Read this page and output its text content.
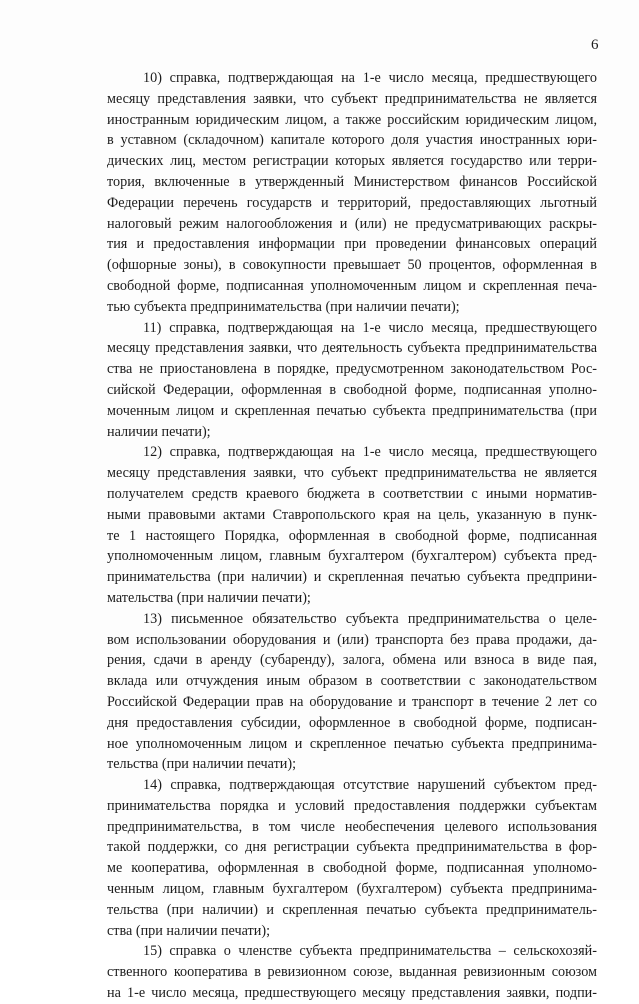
6
10) справка, подтверждающая на 1-е число месяца, предшествующего
месяцу представления заявки, что субъект предпринимательства не является
иностранным юридическим лицом, а также российским юридическим лицом,
в уставном (складочном) капитале которого доля участия иностранных юри-
дических лиц, местом регистрации которых является государство или терри-
тория, включенные в утвержденный Министерством финансов Российской
Федерации перечень государств и территорий, предоставляющих льготный
налоговый режим налогообложения и (или) не предусматривающих раскры-
тия и предоставления информации при проведении финансовых операций
(офшорные зоны), в совокупности превышает 50 процентов, оформленная в
свободной форме, подписанная уполномоченным лицом и скрепленная печа-
тью субъекта предпринимательства (при наличии печати);
11) справка, подтверждающая на 1-е число месяца, предшествующего
месяцу представления заявки, что деятельность субъекта предпринимательства
ства не приостановлена в порядке, предусмотренном законодательством Рос-
сийской Федерации, оформленная в свободной форме, подписанная уполно-
моченным лицом и скрепленная печатью субъекта предпринимательства (при
наличии печати);
12) справка, подтверждающая на 1-е число месяца, предшествующего
месяцу представления заявки, что субъект предпринимательства не является
получателем средств краевого бюджета в соответствии с иными норматив-
ными правовыми актами Ставропольского края на цель, указанную в пунк-
те 1 настоящего Порядка, оформленная в свободной форме, подписанная
уполномоченным лицом, главным бухгалтером (бухгалтером) субъекта пред-
принимательства (при наличии) и скрепленная печатью субъекта предприни-
мательства (при наличии печати);
13) письменное обязательство субъекта предпринимательства о целе-
вом использовании оборудования и (или) транспорта без права продажи, да-
рения, сдачи в аренду (субаренду), залога, обмена или взноса в виде пая,
вклада или отчуждения иным образом в соответствии с законодательством
Российской Федерации прав на оборудование и транспорт в течение 2 лет со
дня предоставления субсидии, оформленное в свободной форме, подписан-
ное уполномоченным лицом и скрепленное печатью субъекта предпринима-
тельства (при наличии печати);
14) справка, подтверждающая отсутствие нарушений субъектом пред-
принимательства порядка и условий предоставления поддержки субъектам
предпринимательства, в том числе необеспечения целевого использования
такой поддержки, со дня регистрации субъекта предпринимательства в фор-
ме кооператива, оформленная в свободной форме, подписанная уполномо-
ченным лицом, главным бухгалтером (бухгалтером) субъекта предпринима-
тельства (при наличии) и скрепленная печатью субъекта предприниматель-
ства (при наличии печати);
15) справка о членстве субъекта предпринимательства – сельскохозяй-
ственного кооператива в ревизионном союзе, выданная ревизионным союзом
на 1-е число месяца, предшествующего месяцу представления заявки, подпи-
